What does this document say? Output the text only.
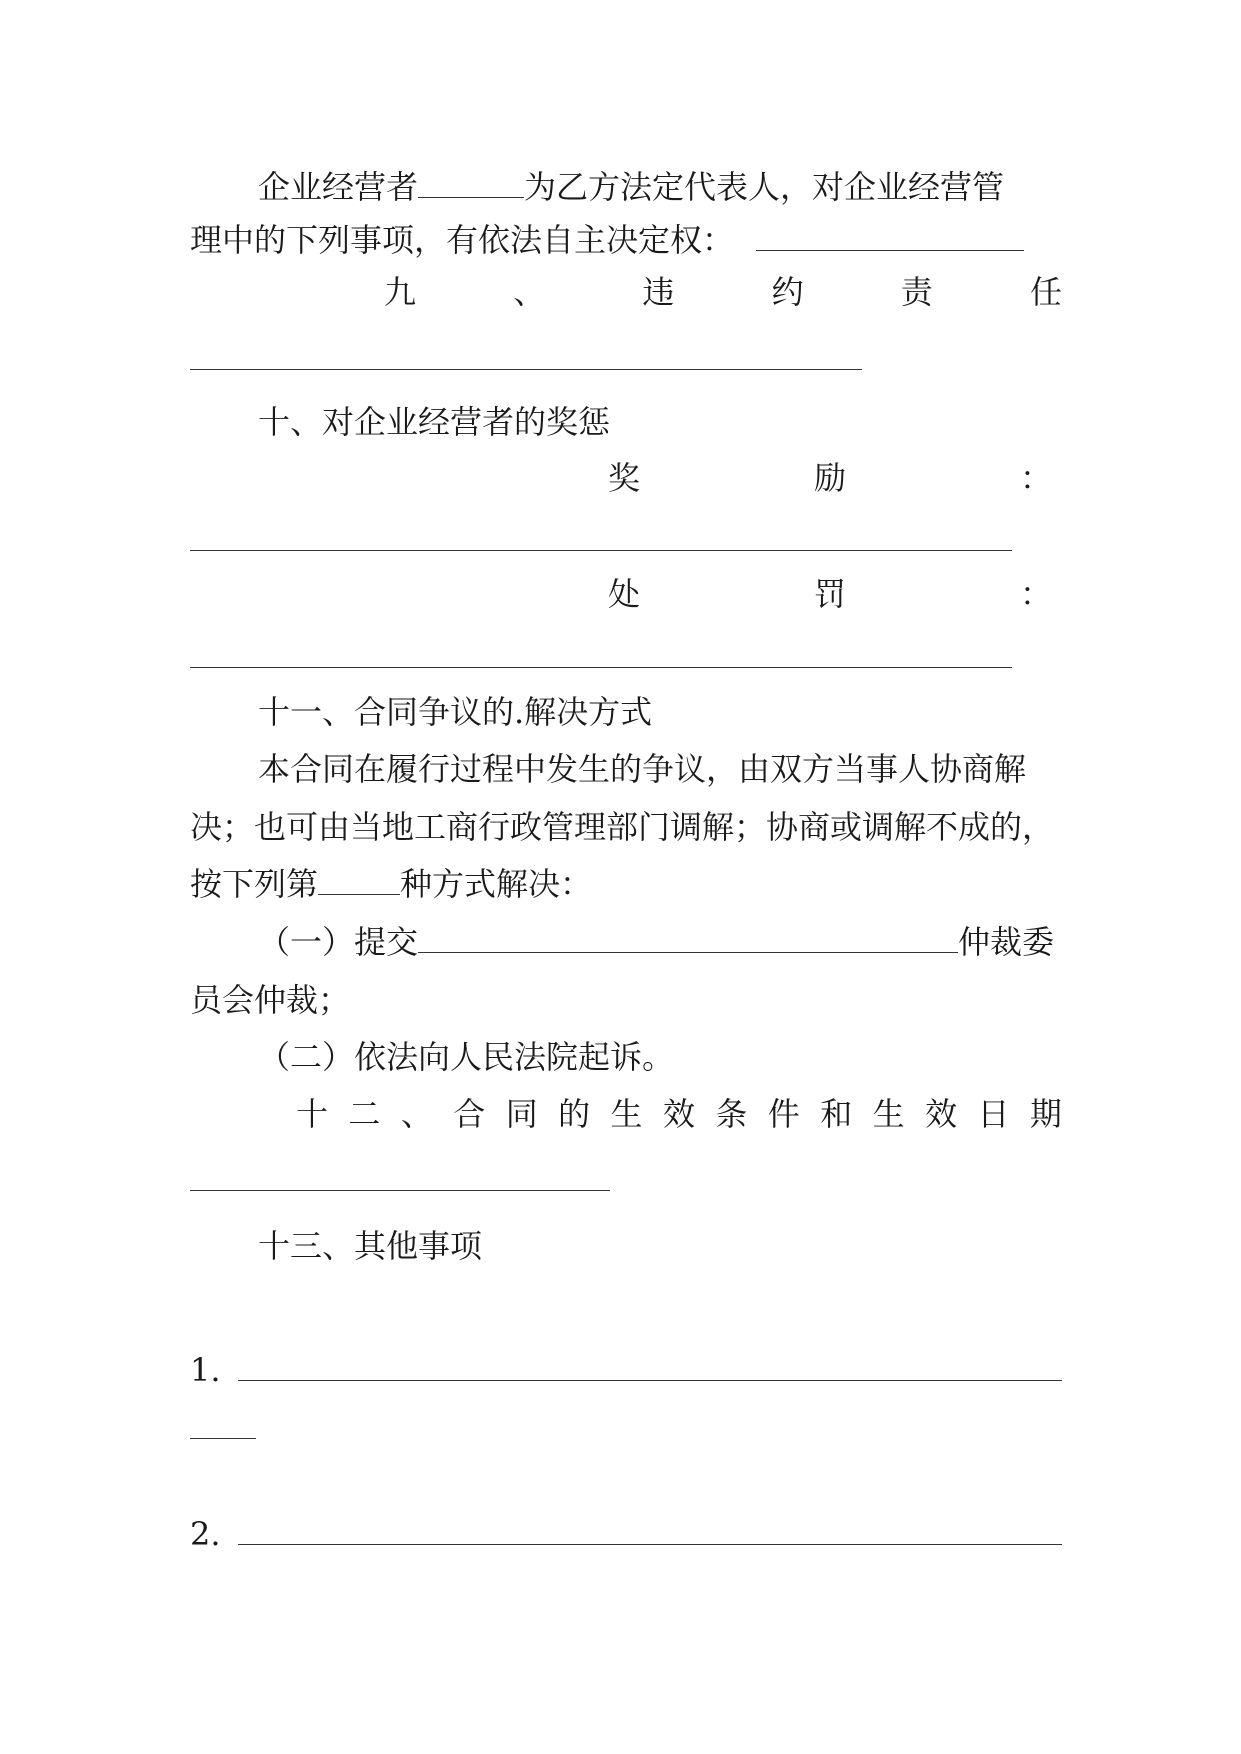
企业经营者	为乙方法定代表人，对企业经营管
理中的下列事项，有依法自主决定权：
九	、	违	约	责	任
十、对企业经营者的奖惩
奖	励	：
处	罚	：
十一、合同争议的.解决方式
本合同在履行过程中发生的争议，由双方当事人协商解
决；也可由当地工商行政管理部门调解；协商或调解不成的，
按下列第	种方式解决：
（一）提交	仲裁委
员会仲裁；
（二）依法向人民法院起诉。
十 二 、 合 同 的 生 效 条 件 和 生 效 日 期
十三、其他事项
1.
2.
